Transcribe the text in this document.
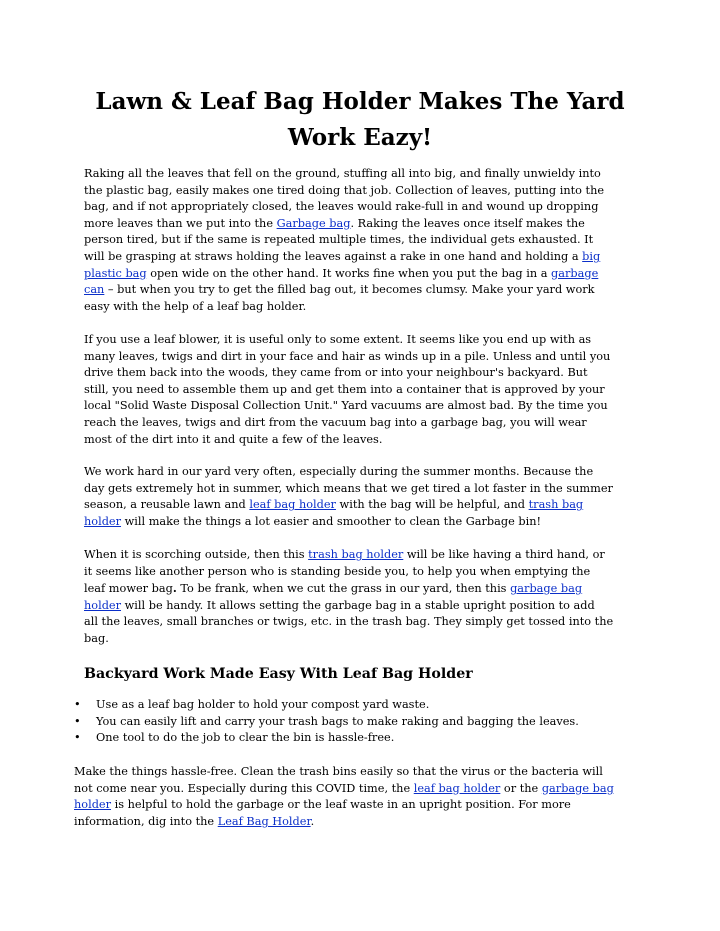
Lawn & Leaf Bag Holder Makes The Yard
Work Eazy!
Raking all the leaves that fell on the ground, stuffing all into big, and finally unwieldy into
the plastic bag, easily makes one tired doing that job. Collection of leaves, putting into the
bag, and if not appropriately closed, the leaves would rake-full in and wound up dropping
more leaves than we put into the Garbage bag. Raking the leaves once itself makes the
person tired, but if the same is repeated multiple times, the individual gets exhausted. It
will be grasping at straws holding the leaves against a rake in one hand and holding a big
plastic bag open wide on the other hand. It works fine when you put the bag in a garbage
can – but when you try to get the filled bag out, it becomes clumsy. Make your yard work
easy with the help of a leaf bag holder.
If you use a leaf blower, it is useful only to some extent. It seems like you end up with as
many leaves, twigs and dirt in your face and hair as winds up in a pile. Unless and until you
drive them back into the woods, they came from or into your neighbour's backyard. But
still, you need to assemble them up and get them into a container that is approved by your
local "Solid Waste Disposal Collection Unit." Yard vacuums are almost bad. By the time you
reach the leaves, twigs and dirt from the vacuum bag into a garbage bag, you will wear
most of the dirt into it and quite a few of the leaves.
We work hard in our yard very often, especially during the summer months. Because the
day gets extremely hot in summer, which means that we get tired a lot faster in the summer
season, a reusable lawn and leaf bag holder with the bag will be helpful, and trash bag
holder will make the things a lot easier and smoother to clean the Garbage bin!
When it is scorching outside, then this trash bag holder will be like having a third hand, or
it seems like another person who is standing beside you, to help you when emptying the
leaf mower bag. To be frank, when we cut the grass in our yard, then this garbage bag
holder will be handy. It allows setting the garbage bag in a stable upright position to add
all the leaves, small branches or twigs, etc. in the trash bag. They simply get tossed into the
bag.
Backyard Work Made Easy With Leaf Bag Holder
• Use as a leaf bag holder to hold your compost yard waste.
• You can easily lift and carry your trash bags to make raking and bagging the leaves.
• One tool to do the job to clear the bin is hassle-free.
Make the things hassle-free. Clean the trash bins easily so that the virus or the bacteria will
not come near you. Especially during this COVID time, the leaf bag holder or the garbage bag
holder is helpful to hold the garbage or the leaf waste in an upright position. For more
information, dig into the Leaf Bag Holder.
